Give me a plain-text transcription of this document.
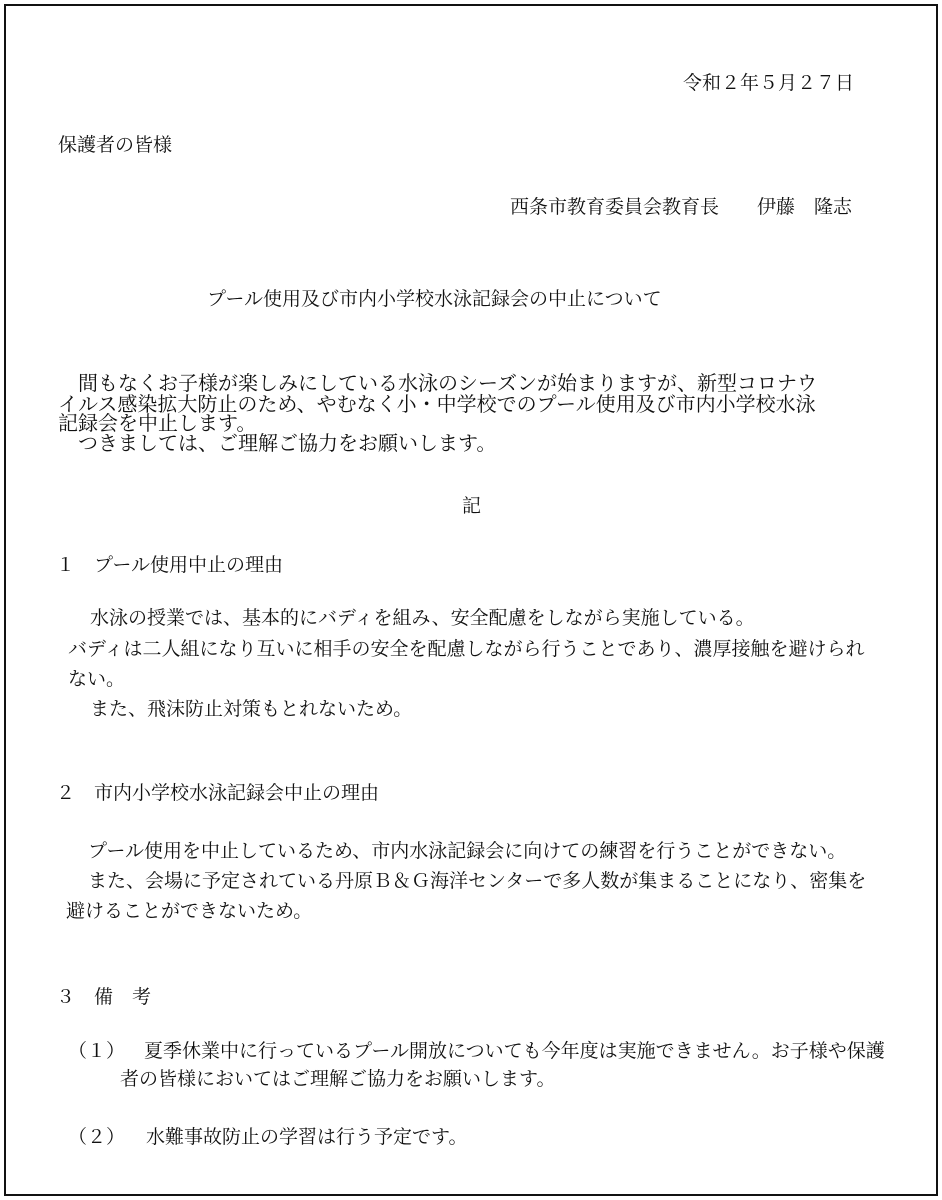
令和２年５月２７日
保護者の皆様
西条市教育委員会教育長　　伊藤　隆志
プール使用及び市内小学校水泳記録会の中止について
間もなくお子様が楽しみにしている水泳のシーズンが始まりますが、新型コロナウ
イルス感染拡大防止のため、やむなく小・中学校でのプール使用及び市内小学校水泳
記録会を中止します。
つきましては、ご理解ご協力をお願いします。
記
１　プール使用中止の理由
水泳の授業では、基本的にバディを組み、安全配慮をしながら実施している。
バディは二人組になり互いに相手の安全を配慮しながら行うことであり、濃厚接触を避けられ
ない。
また、飛沫防止対策もとれないため。
２　市内小学校水泳記録会中止の理由
プール使用を中止しているため、市内水泳記録会に向けての練習を行うことができない。
また、会場に予定されている丹原Ｂ＆Ｇ海洋センターで多人数が集まることになり、密集を
避けることができないため。
３　備　考
（１） 夏季休業中に行っているプール開放についても今年度は実施できません。お子様や保護
者の皆様においてはご理解ご協力をお願いします。
（２） 水難事故防止の学習は行う予定です。
